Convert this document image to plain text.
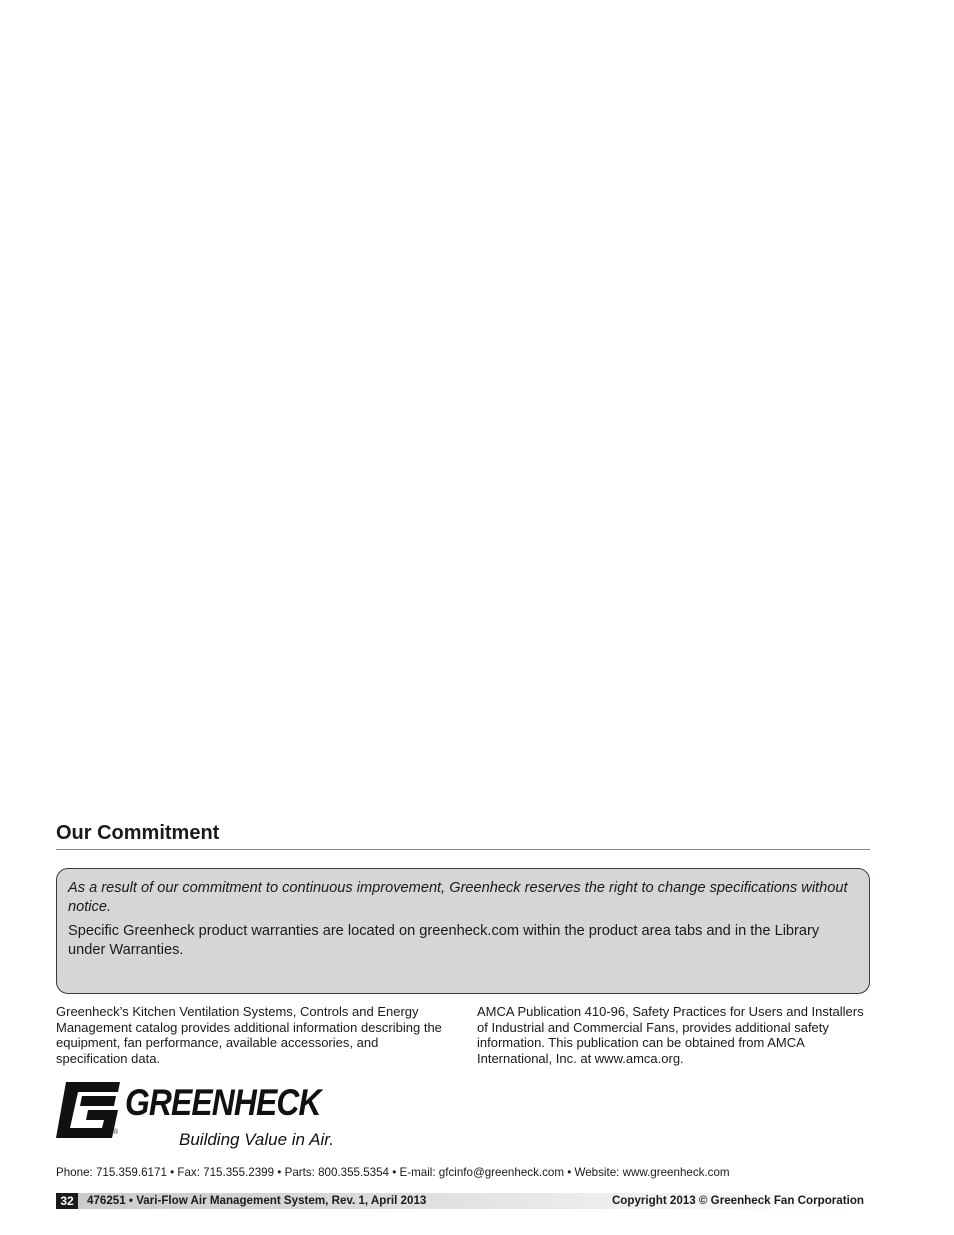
Our Commitment

As a result of our commitment to continuous improvement, Greenheck reserves the right to change specifications without notice.

Specific Greenheck product warranties are located on greenheck.com within the product area tabs and in the Library under Warranties.

Greenheck’s Kitchen Ventilation Systems, Controls and Energy Management catalog provides additional information describing the equipment, fan performance, available accessories, and specification data.

AMCA Publication 410-96, Safety Practices for Users and Installers of Industrial and Commercial Fans, provides additional safety information. This publication can be obtained from AMCA International, Inc. at www.amca.org.

®
GREENHECK
Building Value in Air.

Phone: 715.359.6171 • Fax: 715.355.2399 • Parts: 800.355.5354 • E-mail: gfcinfo@greenheck.com • Website: www.greenheck.com

32	476251 • Vari-Flow Air Management System, Rev. 1, April 2013	Copyright 2013 © Greenheck Fan Corporation
